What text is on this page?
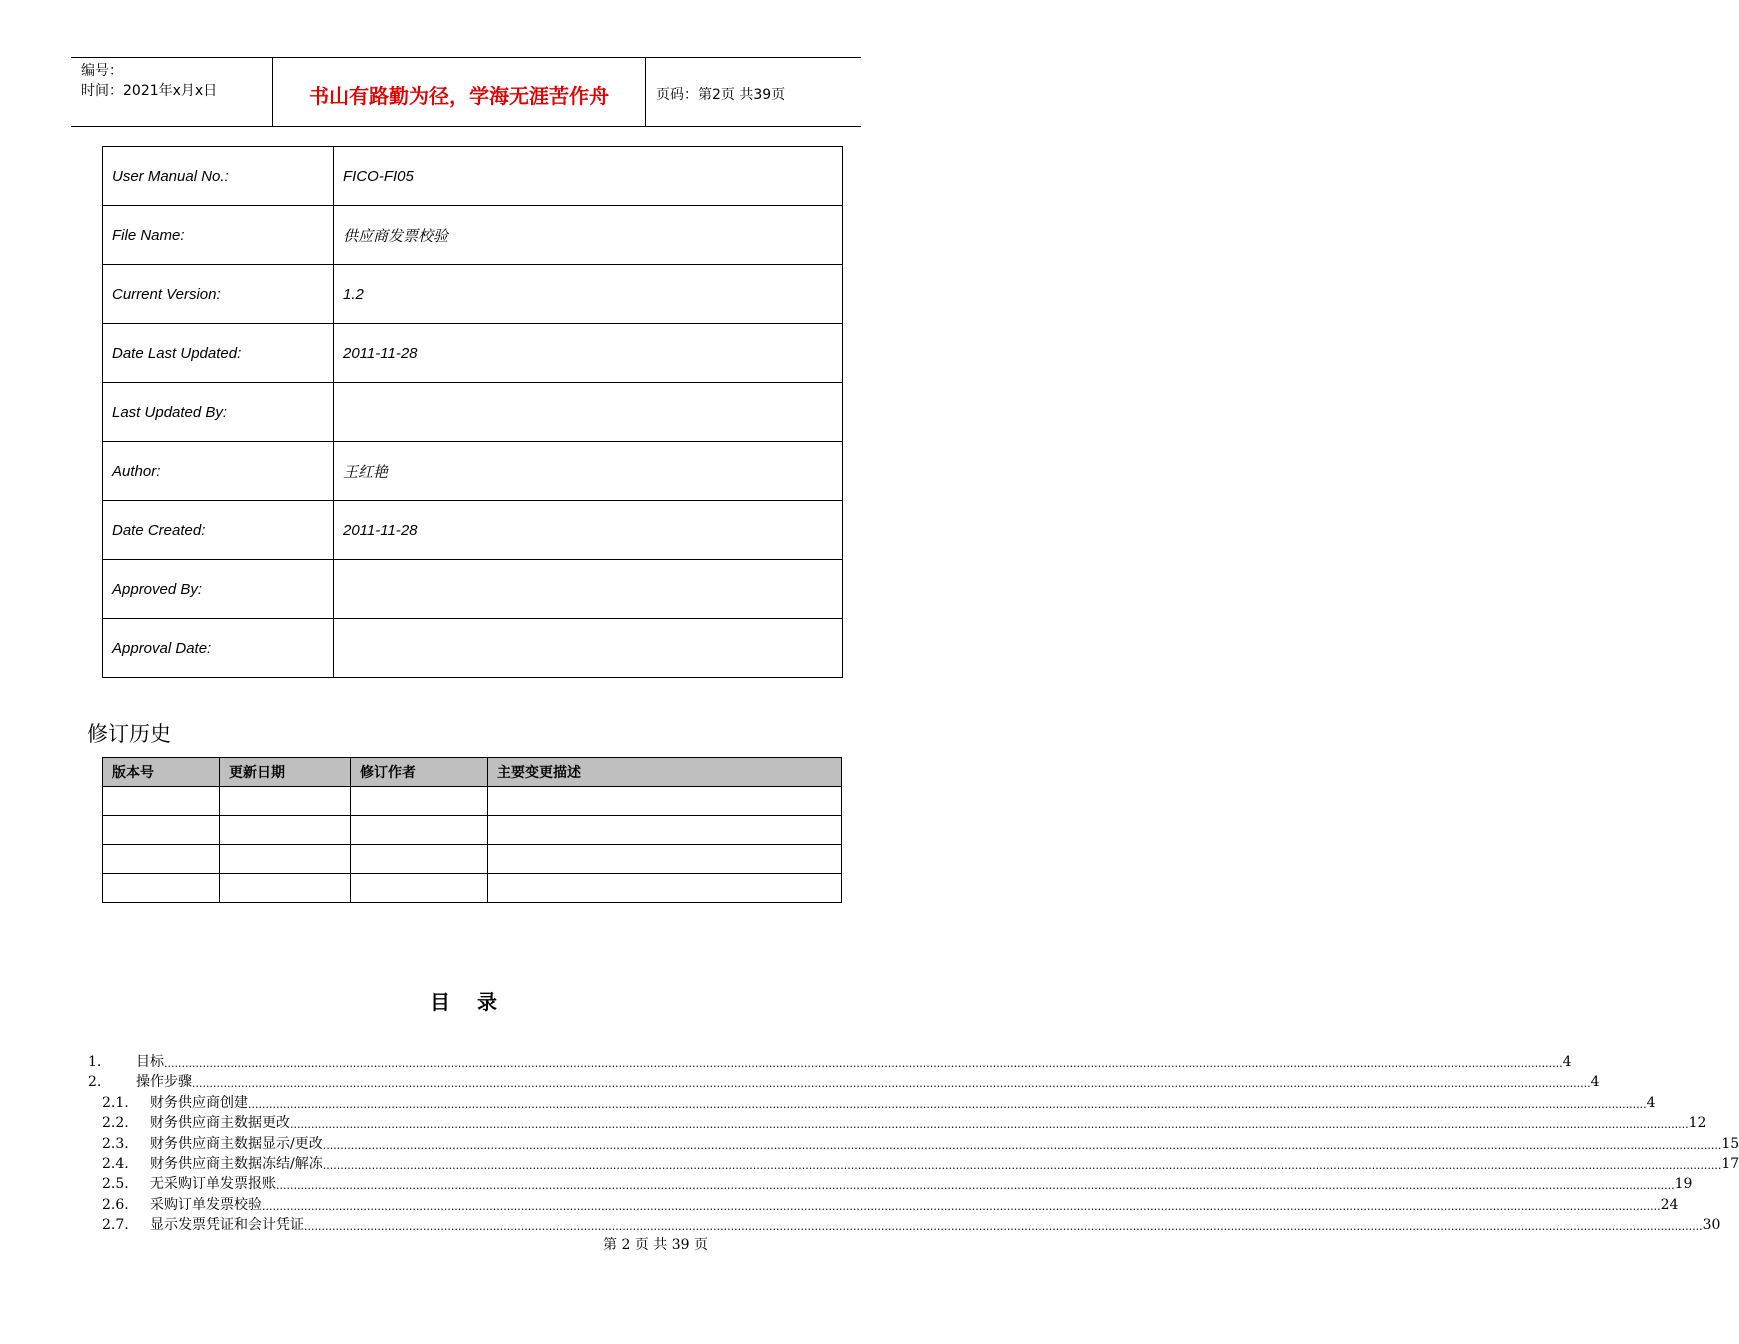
编号：
时间：2021年x月x日	书山有路勤为径，学海无涯苦作舟	页码：第2页 共39页
User Manual No.:	FICO-FI05
File Name:	供应商发票校验
Current Version:	1.2
Date Last Updated:	2011-11-28
Last Updated By:	
Author:	王红艳
Date Created:	2011-11-28
Approved By:	
Approval Date:	
修订历史
版本号	更新日期	修订作者	主要变更描述

目 录
1.	目标 ................................................................................................................................................................................................................................................................................................................................................................................................................ 4
2.	操作步骤 ................................................................................................................................................................................................................................................................................................................................................................................................................ 4
2.1.	财务供应商创建 ................................................................................................................................................................................................................................................................................................................................................................................................................ 4
2.2.	财务供应商主数据更改 ................................................................................................................................................................................................................................................................................................................................................................................................................ 12
2.3.	财务供应商主数据显示/更改 ................................................................................................................................................................................................................................................................................................................................................................................................................ 15
2.4.	财务供应商主数据冻结/解冻 ................................................................................................................................................................................................................................................................................................................................................................................................................ 17
2.5.	无采购订单发票报账 ................................................................................................................................................................................................................................................................................................................................................................................................................ 19
2.6.	采购订单发票校验 ................................................................................................................................................................................................................................................................................................................................................................................................................ 24
2.7.	显示发票凭证和会计凭证 ................................................................................................................................................................................................................................................................................................................................................................................................................ 30
第 2 页 共 39 页
